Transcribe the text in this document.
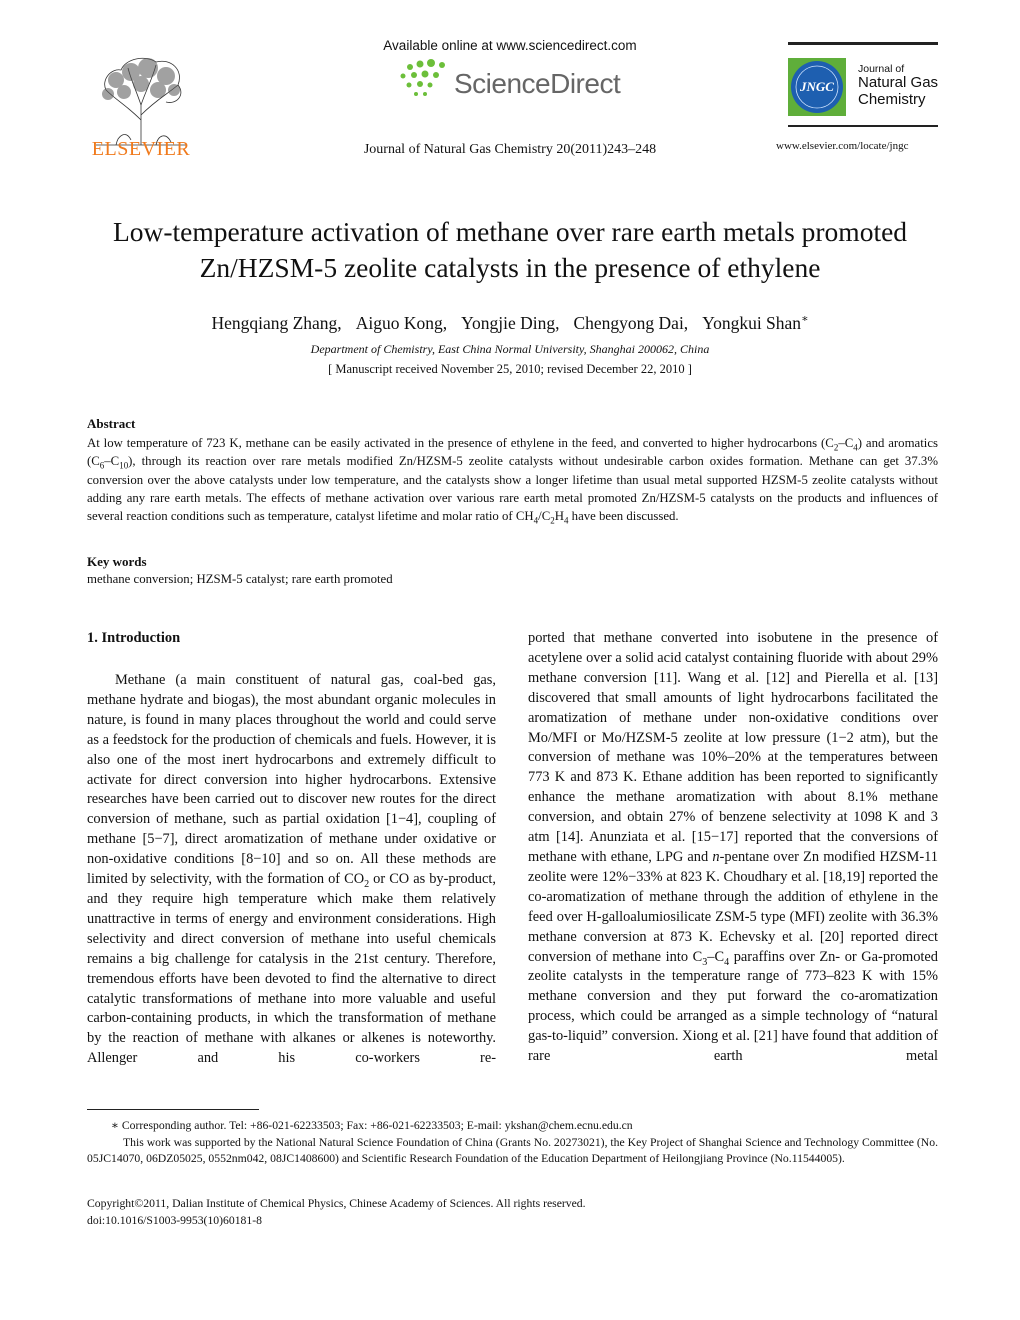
ELSEVIER
Available online at www.sciencedirect.com
ScienceDirect
Journal of Natural Gas Chemistry 20(2011)243–248
JNGC
Journal of
Natural Gas
Chemistry
www.elsevier.com/locate/jngc
Low-temperature activation of methane over rare earth metals promoted
Zn/HZSM-5 zeolite catalysts in the presence of ethylene
Hengqiang Zhang, Aiguo Kong, Yongjie Ding, Chengyong Dai, Yongkui Shan∗
Department of Chemistry, East China Normal University, Shanghai 200062, China
[ Manuscript received November 25, 2010; revised December 22, 2010 ]
Abstract
At low temperature of 723 K, methane can be easily activated in the presence of ethylene in the feed, and converted to higher hydrocarbons $(C_2-C_4)$ and aromatics $(C_6-C_{10})$, through its reaction over rare metals modified Zn/HZSM-5 zeolite catalysts without undesirable carbon oxides formation. Methane can get 37.3% conversion over the above catalysts under low temperature, and the catalysts show a longer lifetime than usual metal supported HZSM-5 zeolite catalysts without adding any rare earth metals. The effects of methane activation over various rare earth metal promoted Zn/HZSM-5 catalysts on the products and influences of several reaction conditions such as temperature, catalyst lifetime and molar ratio of $CH_4/C_2H_4$ have been discussed.
Key words
methane conversion; HZSM-5 catalyst; rare earth promoted
1. Introduction

Methane (a main constituent of natural gas, coal-bed gas, methane hydrate and biogas), the most abundant organic molecules in nature, is found in many places throughout the world and could serve as a feedstock for the production of chemicals and fuels. However, it is also one of the most inert hydrocarbons and extremely difficult to activate for direct conversion into higher hydrocarbons. Extensive researches have been carried out to discover new routes for the direct conversion of methane, such as partial oxidation [1−4], coupling of methane [5−7], direct aromatization of methane under oxidative or non-oxidative conditions [8−10] and so on. All these methods are limited by selectivity, with the formation of $CO_2$ or CO as by-product, and they require high temperature which make them relatively unattractive in terms of energy and environment considerations. High selectivity and direct conversion of methane into useful chemicals remains a big challenge for catalysis in the 21st century. Therefore, tremendous efforts have been devoted to find the alternative to direct catalytic transformations of methane into more valuable and useful carbon-containing products, in which the transformation of methane by the reaction of methane with alkanes or alkenes is noteworthy. Allenger and his co-workers re-

ported that methane converted into isobutene in the presence of acetylene over a solid acid catalyst containing fluoride with about 29% methane conversion [11]. Wang et al. [12] and Pierella et al. [13] discovered that small amounts of light hydrocarbons facilitated the aromatization of methane under non-oxidative conditions over Mo/MFI or Mo/HZSM-5 zeolite at low pressure (1−2 atm), but the conversion of methane was 10%–20% at the temperatures between 773 K and 873 K. Ethane addition has been reported to significantly enhance the methane aromatization with about 8.1% methane conversion, and obtain 27% of benzene selectivity at 1098 K and 3 atm [14]. Anunziata et al. [15−17] reported that the conversions of methane with ethane, LPG and n-pentane over Zn modified HZSM-11 zeolite were 12%−33% at 823 K. Choudhary et al. [18,19] reported the co-aromatization of methane through the addition of ethylene in the feed over H-galloalumiosilicate ZSM-5 type (MFI) zeolite with 36.3% methane conversion at 873 K. Echevsky et al. [20] reported direct conversion of methane into $C_3-C_4$ paraffins over Zn- or Ga-promoted zeolite catalysts in the temperature range of 773–823 K with 15% methane conversion and they put forward the co-aromatization process, which could be arranged as a simple technology of “natural gas-to-liquid” conversion. Xiong et al. [21] have found that addition of rare earth metal

∗ Corresponding author. Tel: +86-021-62233503; Fax: +86-021-62233503; E-mail: ykshan@chem.ecnu.edu.cn
This work was supported by the National Natural Science Foundation of China (Grants No. 20273021), the Key Project of Shanghai Science and Technology Committee (No. 05JC14070, 06DZ05025, 0552nm042, 08JC1408600) and Scientific Research Foundation of the Education Department of Heilongjiang Province (No.11544005).
Copyright©2011, Dalian Institute of Chemical Physics, Chinese Academy of Sciences. All rights reserved.
doi:10.1016/S1003-9953(10)60181-8
